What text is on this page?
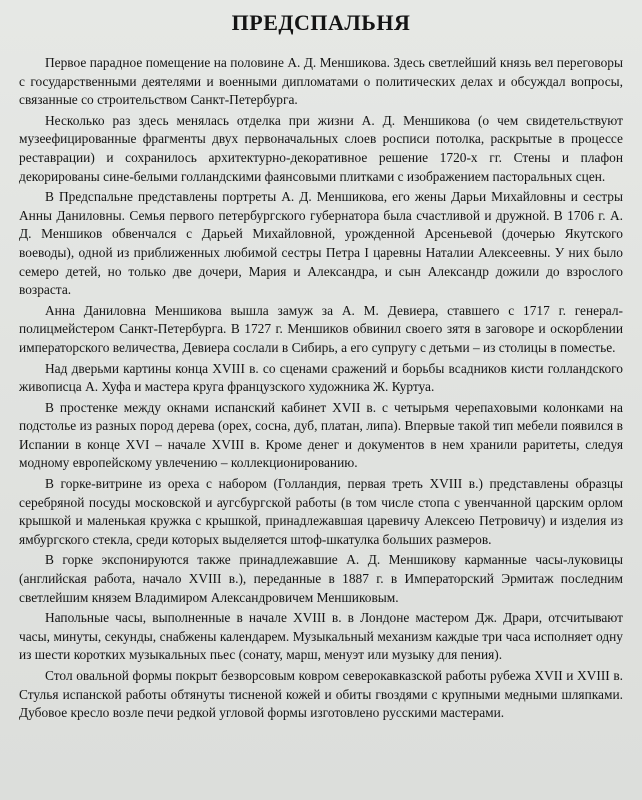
ПРЕДСПАЛЬНЯ
Первое парадное помещение на половине А. Д. Меншикова. Здесь светлейший князь вел переговоры с государственными деятелями и военными дипломатами о политических делах и обсуждал вопросы, связанные со строительством Санкт-Петербурга.
Несколько раз здесь менялась отделка при жизни А. Д. Меншикова (о чем свидетельствуют музеефицированные фрагменты двух первоначальных слоев росписи потолка, раскрытые в процессе реставрации) и сохранилось архитектурно-декоративное решение 1720-х гг. Стены и плафон декорированы сине-белыми голландскими фаянсовыми плитками с изображением пасторальных сцен.
В Предспальне представлены портреты А. Д. Меншикова, его жены Дарьи Михайловны и сестры Анны Даниловны. Семья первого петербургского губернатора была счастливой и дружной. В 1706 г. А. Д. Меншиков обвенчался с Дарьей Михайловной, урожденной Арсеньевой (дочерью Якутского воеводы), одной из приближенных любимой сестры Петра I царевны Наталии Алексеевны. У них было семеро детей, но только две дочери, Мария и Александра, и сын Александр дожили до взрослого возраста.
Анна Даниловна Меншикова вышла замуж за А. М. Девиера, ставшего с 1717 г. генерал-полицмейстером Санкт-Петербурга. В 1727 г. Меншиков обвинил своего зятя в заговоре и оскорблении императорского величества, Девиера сослали в Сибирь, а его супругу с детьми – из столицы в поместье.
Над дверьми картины конца XVIII в. со сценами сражений и борьбы всадников кисти голландского живописца А. Хуфа и мастера круга французского художника Ж. Куртуа.
В простенке между окнами испанский кабинет XVII в. с четырьмя черепаховыми колонками на подстолье из разных пород дерева (орех, сосна, дуб, платан, липа). Впервые такой тип мебели появился в Испании в конце XVI – начале XVIII в. Кроме денег и документов в нем хранили раритеты, следуя модному европейскому увлечению – коллекционированию.
В горке-витрине из ореха с набором (Голландия, первая треть XVIII в.) представлены образцы серебряной посуды московской и аугсбургской работы (в том числе стопа с увенчанной царским орлом крышкой и маленькая кружка с крышкой, принадлежавшая царевичу Алексею Петровичу) и изделия из ямбургского стекла, среди которых выделяется штоф-шкатулка больших размеров.
В горке экспонируются также принадлежавшие А. Д. Меншикову карманные часы-луковицы (английская работа, начало XVIII в.), переданные в 1887 г. в Императорский Эрмитаж последним светлейшим князем Владимиром Александровичем Меншиковым.
Напольные часы, выполненные в начале XVIII в. в Лондоне мастером Дж. Драри, отсчитывают часы, минуты, секунды, снабжены календарем. Музыкальный механизм каждые три часа исполняет одну из шести коротких музыкальных пьес (сонату, марш, менуэт или музыку для пения).
Стол овальной формы покрыт безворсовым ковром северокавказской работы рубежа XVII и XVIII в. Стулья испанской работы обтянуты тисненой кожей и обиты гвоздями с крупными медными шляпками. Дубовое кресло возле печи редкой угловой формы изготовлено русскими мастерами.
